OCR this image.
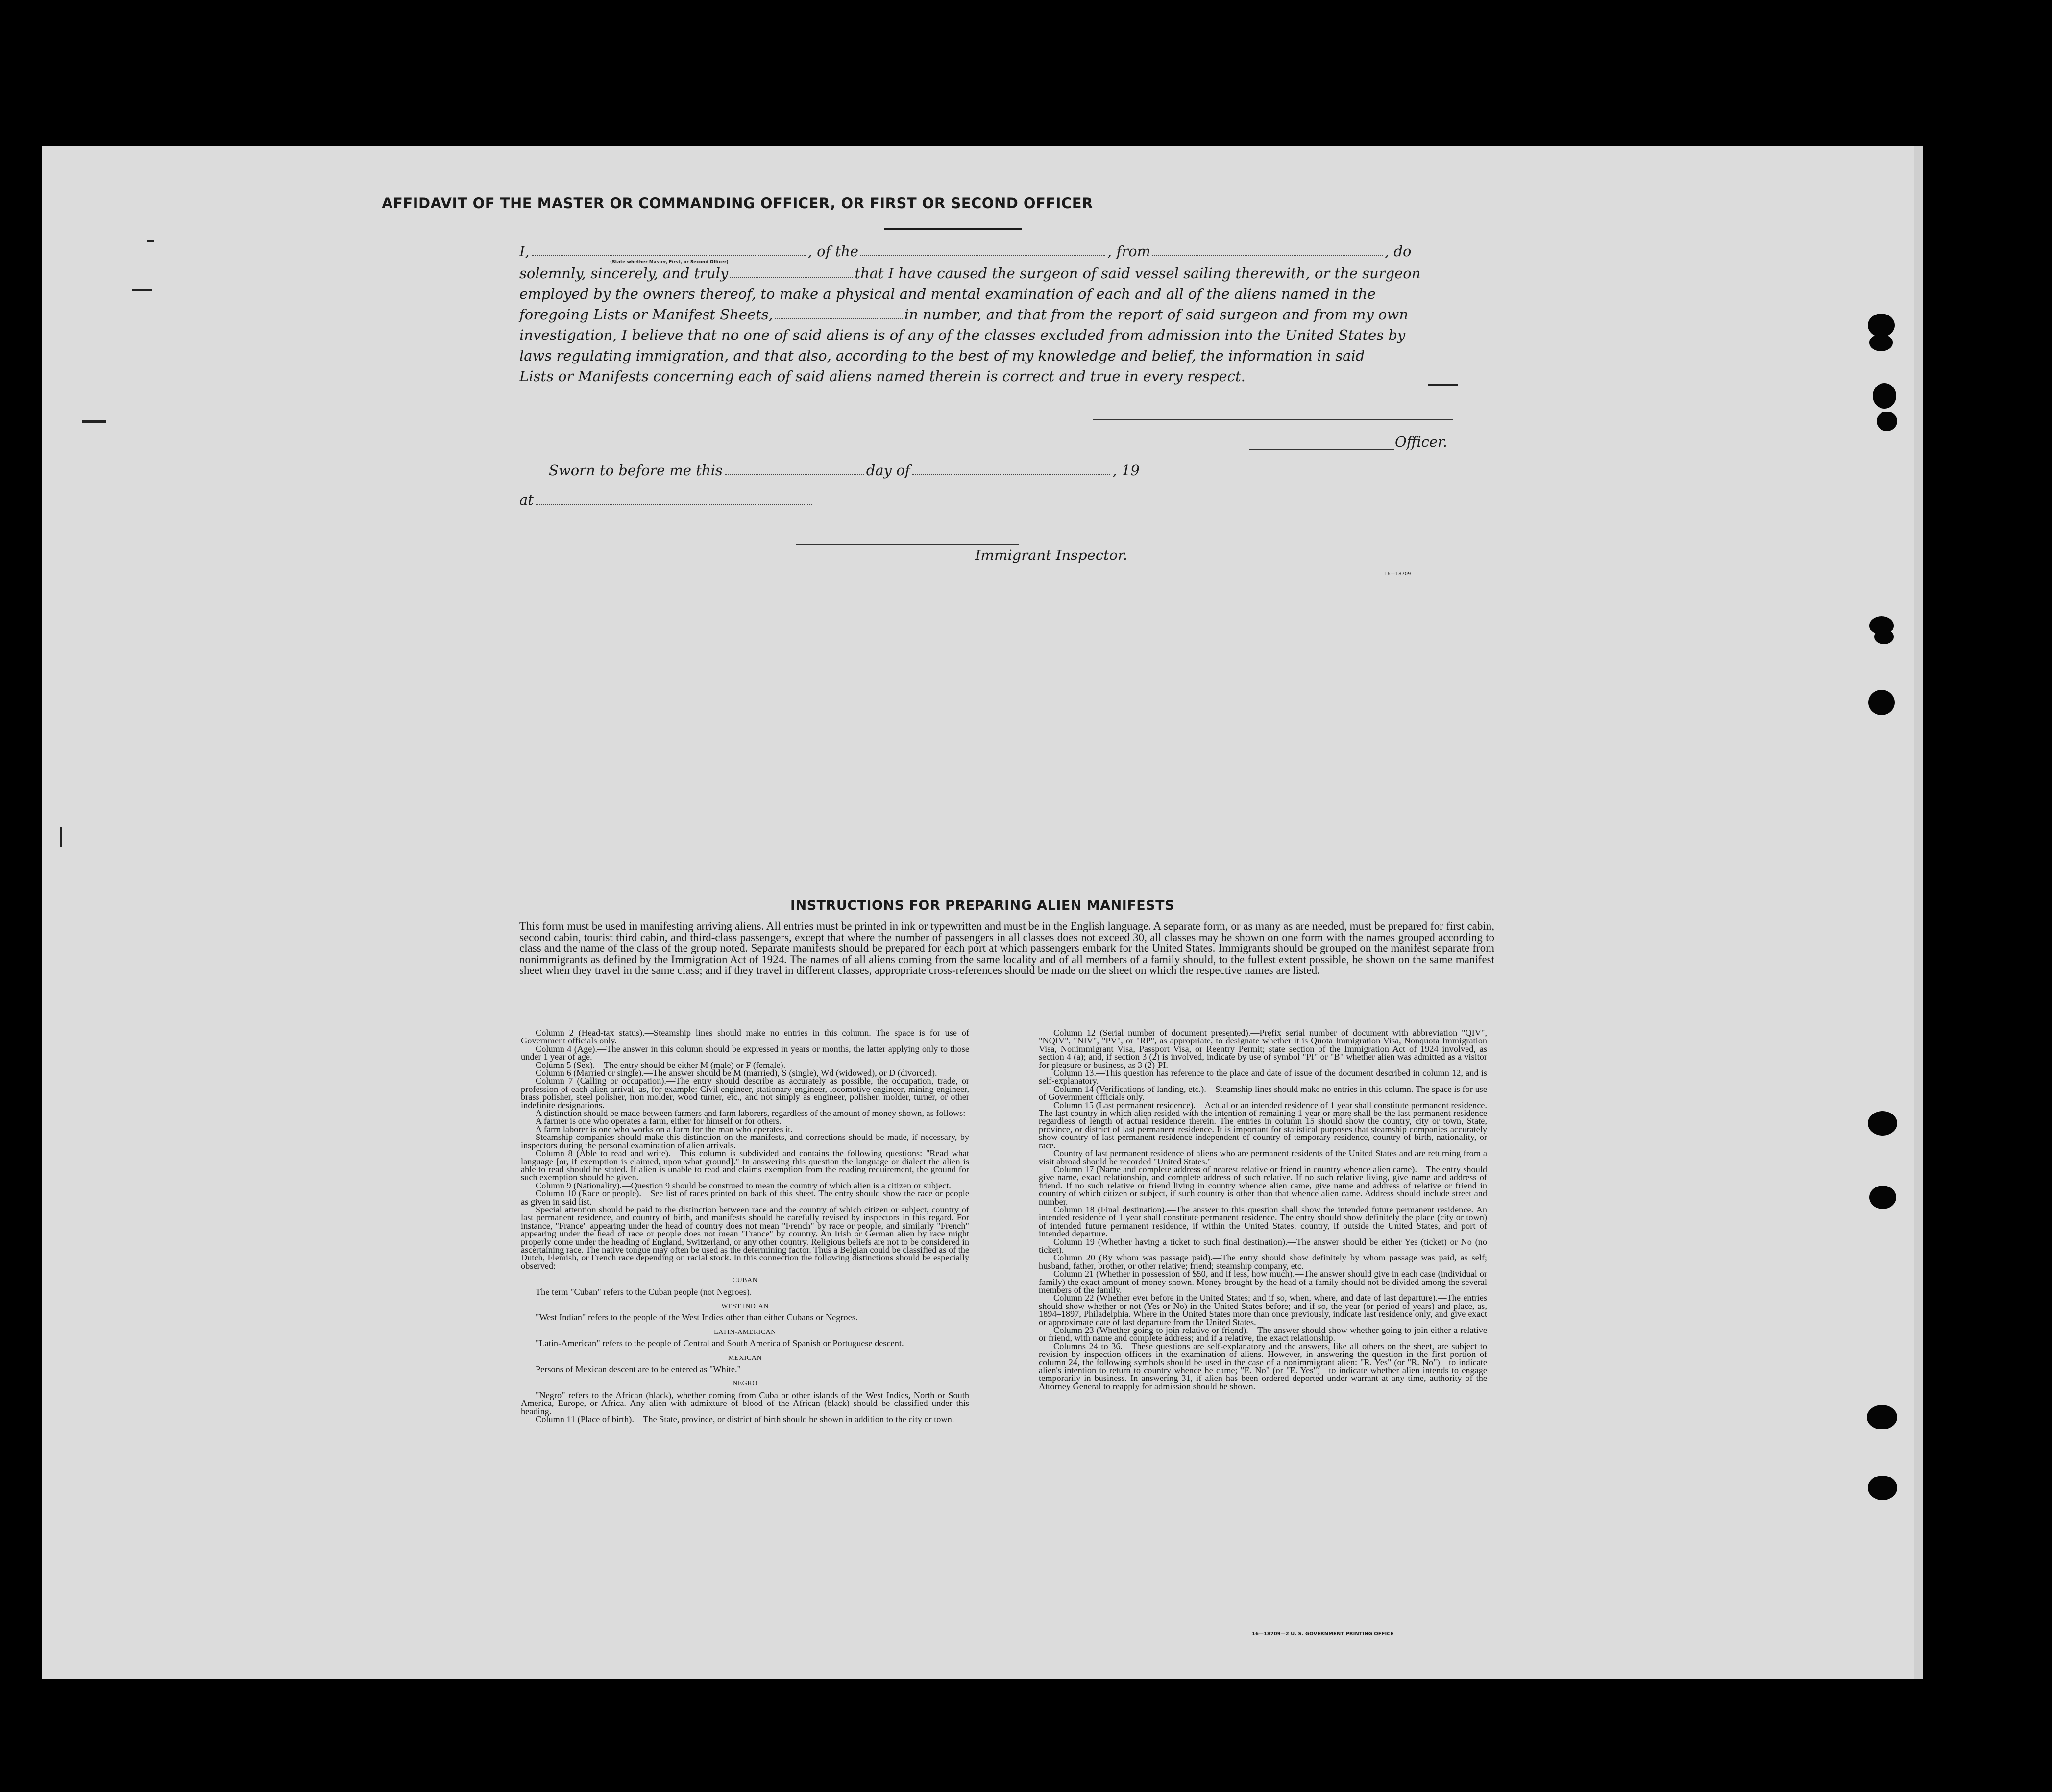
AFFIDAVIT OF THE MASTER OR COMMANDING OFFICER, OR FIRST OR SECOND OFFICER
I,	, of the	, from	, do
(State whether Master, First, or Second Officer)
solemnly, sincerely, and truly	that I have caused the surgeon of said vessel sailing therewith, or the surgeon
employed by the owners thereof, to make a physical and mental examination of each and all of the aliens named in the
foregoing Lists or Manifest Sheets,	in number, and that from the report of said surgeon and from my own
investigation, I believe that no one of said aliens is of any of the classes excluded from admission into the United States by
laws regulating immigration, and that also, according to the best of my knowledge and belief, the information in said
Lists or Manifests concerning each of said aliens named therein is correct and true in every respect.
Officer.
Sworn to before me this	day of	, 19
at
Immigrant Inspector.
16—18709
INSTRUCTIONS FOR PREPARING ALIEN MANIFESTS
This form must be used in manifesting arriving aliens. All entries must be printed in ink or typewritten and must be in the English language. A separate form, or as many as are needed, must be prepared for first cabin, second cabin, tourist third cabin, and third-class passengers, except that where the number of passengers in all classes does not exceed 30, all classes may be shown on one form with the names grouped according to class and the name of the class of the group noted. Separate manifests should be prepared for each port at which passengers embark for the United States. Immigrants should be grouped on the manifest separate from nonimmigrants as defined by the Immigration Act of 1924. The names of all aliens coming from the same locality and of all members of a family should, to the fullest extent possible, be shown on the same manifest sheet when they travel in the same class; and if they travel in different classes, appropriate cross-references should be made on the sheet on which the respective names are listed.

Column 2 (Head-tax status).—Steamship lines should make no entries in this column. The space is for use of Government officials only.

Column 4 (Age).—The answer in this column should be expressed in years or months, the latter applying only to those under 1 year of age.

Column 5 (Sex).—The entry should be either M (male) or F (female).

Column 6 (Married or single).—The answer should be M (married), S (single), Wd (widowed), or D (divorced).

Column 7 (Calling or occupation).—The entry should describe as accurately as possible, the occupation, trade, or profession of each alien arrival, as, for example: Civil engineer, stationary engineer, locomotive engineer, mining engineer, brass polisher, steel polisher, iron molder, wood turner, etc., and not simply as engineer, polisher, molder, turner, or other indefinite designations.

A distinction should be made between farmers and farm laborers, regardless of the amount of money shown, as follows:

A farmer is one who operates a farm, either for himself or for others.

A farm laborer is one who works on a farm for the man who operates it.

Steamship companies should make this distinction on the manifests, and corrections should be made, if necessary, by inspectors during the personal examination of alien arrivals.

Column 8 (Able to read and write).—This column is subdivided and contains the following questions: "Read what language [or, if exemption is claimed, upon what ground]." In answering this question the language or dialect the alien is able to read should be stated. If alien is unable to read and claims exemption from the reading requirement, the ground for such exemption should be given.

Column 9 (Nationality).—Question 9 should be construed to mean the country of which alien is a citizen or subject.

Column 10 (Race or people).—See list of races printed on back of this sheet. The entry should show the race or people as given in said list.

Special attention should be paid to the distinction between race and the country of which citizen or subject, country of last permanent residence, and country of birth, and manifests should be carefully revised by inspectors in this regard. For instance, "France" appearing under the head of country does not mean "French" by race or people, and similarly "French" appearing under the head of race or people does not mean "France" by country. An Irish or German alien by race might properly come under the heading of England, Switzerland, or any other country. Religious beliefs are not to be considered in ascertaining race. The native tongue may often be used as the determining factor. Thus a Belgian could be classified as of the Dutch, Flemish, or French race depending on racial stock. In this connection the following distinctions should be especially observed:

CUBAN

The term "Cuban" refers to the Cuban people (not Negroes).

WEST INDIAN

"West Indian" refers to the people of the West Indies other than either Cubans or Negroes.

LATIN-AMERICAN

"Latin-American" refers to the people of Central and South America of Spanish or Portuguese descent.

MEXICAN

Persons of Mexican descent are to be entered as "White."

NEGRO

"Negro" refers to the African (black), whether coming from Cuba or other islands of the West Indies, North or South America, Europe, or Africa. Any alien with admixture of blood of the African (black) should be classified under this heading.

Column 11 (Place of birth).—The State, province, or district of birth should be shown in addition to the city or town.

Column 12 (Serial number of document presented).—Prefix serial number of document with abbreviation "QIV", "NQIV", "NIV", "PV", or "RP", as appropriate, to designate whether it is Quota Immigration Visa, Nonquota Immigration Visa, Nonimmigrant Visa, Passport Visa, or Reentry Permit; state section of the Immigration Act of 1924 involved, as section 4 (a); and, if section 3 (2) is involved, indicate by use of symbol "PI" or "B" whether alien was admitted as a visitor for pleasure or business, as 3 (2)-PI.

Column 13.—This question has reference to the place and date of issue of the document described in column 12, and is self-explanatory.

Column 14 (Verifications of landing, etc.).—Steamship lines should make no entries in this column. The space is for use of Government officials only.

Column 15 (Last permanent residence).—Actual or an intended residence of 1 year shall constitute permanent residence. The last country in which alien resided with the intention of remaining 1 year or more shall be the last permanent residence regardless of length of actual residence therein. The entries in column 15 should show the country, city or town, State, province, or district of last permanent residence. It is important for statistical purposes that steamship companies accurately show country of last permanent residence independent of country of temporary residence, country of birth, nationality, or race.

Country of last permanent residence of aliens who are permanent residents of the United States and are returning from a visit abroad should be recorded "United States."

Column 17 (Name and complete address of nearest relative or friend in country whence alien came).—The entry should give name, exact relationship, and complete address of such relative. If no such relative living, give name and address of friend. If no such relative or friend living in country whence alien came, give name and address of relative or friend in country of which citizen or subject, if such country is other than that whence alien came. Address should include street and number.

Column 18 (Final destination).—The answer to this question shall show the intended future permanent residence. An intended residence of 1 year shall constitute permanent residence. The entry should show definitely the place (city or town) of intended future permanent residence, if within the United States; country, if outside the United States, and port of intended departure.

Column 19 (Whether having a ticket to such final destination).—The answer should be either Yes (ticket) or No (no ticket).

Column 20 (By whom was passage paid).—The entry should show definitely by whom passage was paid, as self; husband, father, brother, or other relative; friend; steamship company, etc.

Column 21 (Whether in possession of $50, and if less, how much).—The answer should give in each case (individual or family) the exact amount of money shown. Money brought by the head of a family should not be divided among the several members of the family.

Column 22 (Whether ever before in the United States; and if so, when, where, and date of last departure).—The entries should show whether or not (Yes or No) in the United States before; and if so, the year (or period of years) and place, as, 1894–1897, Philadelphia. Where in the United States more than once previously, indicate last residence only, and give exact or approximate date of last departure from the United States.

Column 23 (Whether going to join relative or friend).—The answer should show whether going to join either a relative or friend, with name and complete address; and if a relative, the exact relationship.

Columns 24 to 36.—These questions are self-explanatory and the answers, like all others on the sheet, are subject to revision by inspection officers in the examination of aliens. However, in answering the question in the first portion of column 24, the following symbols should be used in the case of a nonimmigrant alien: "R. Yes" (or "R. No")—to indicate alien's intention to return to country whence he came; "E. No" (or "E. Yes")—to indicate whether alien intends to engage temporarily in business. In answering 31, if alien has been ordered deported under warrant at any time, authority of the Attorney General to reapply for admission should be shown.

16—18709—2 U. S. GOVERNMENT PRINTING OFFICE
